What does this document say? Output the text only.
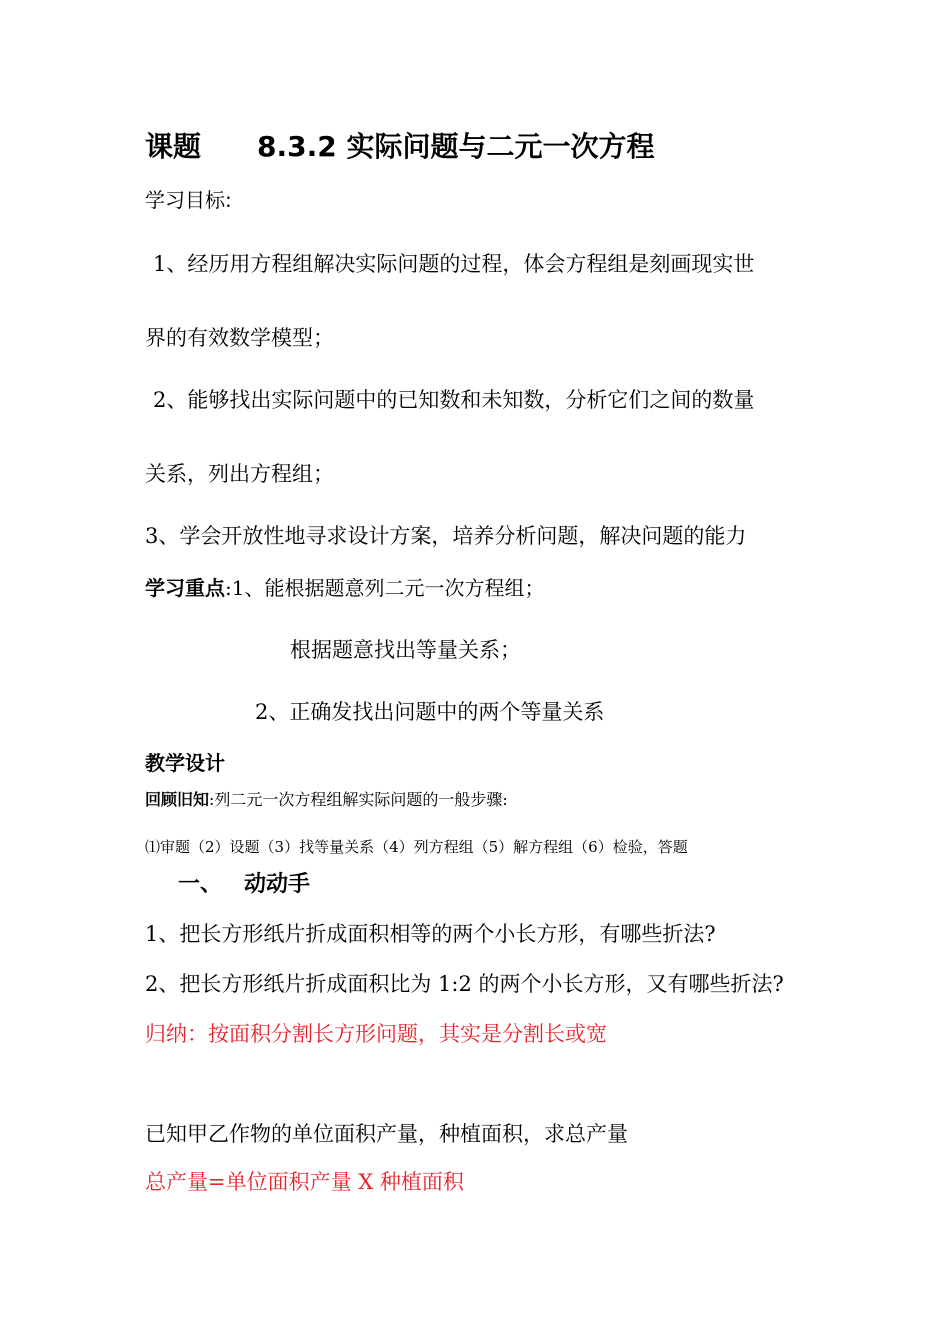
课题 8.3.2 实际问题与二元一次方程
学习目标:
1、经历用方程组解决实际问题的过程，体会方程组是刻画现实世
界的有效数学模型；
2、能够找出实际问题中的已知数和未知数，分析它们之间的数量
关系，列出方程组；
3、学会开放性地寻求设计方案，培养分析问题，解决问题的能力
学习重点:1、能根据题意列二元一次方程组；
根据题意找出等量关系；
2、正确发找出问题中的两个等量关系
教学设计
回顾旧知:列二元一次方程组解实际问题的一般步骤:
⑴审题（2）设题（3）找等量关系（4）列方程组（5）解方程组（6）检验，答题
一、 动动手
1、把长方形纸片折成面积相等的两个小长方形，有哪些折法?
2、把长方形纸片折成面积比为 1:2 的两个小长方形，又有哪些折法?
归纳：按面积分割长方形问题，其实是分割长或宽
已知甲乙作物的单位面积产量，种植面积，求总产量
总产量=单位面积产量 X 种植面积
